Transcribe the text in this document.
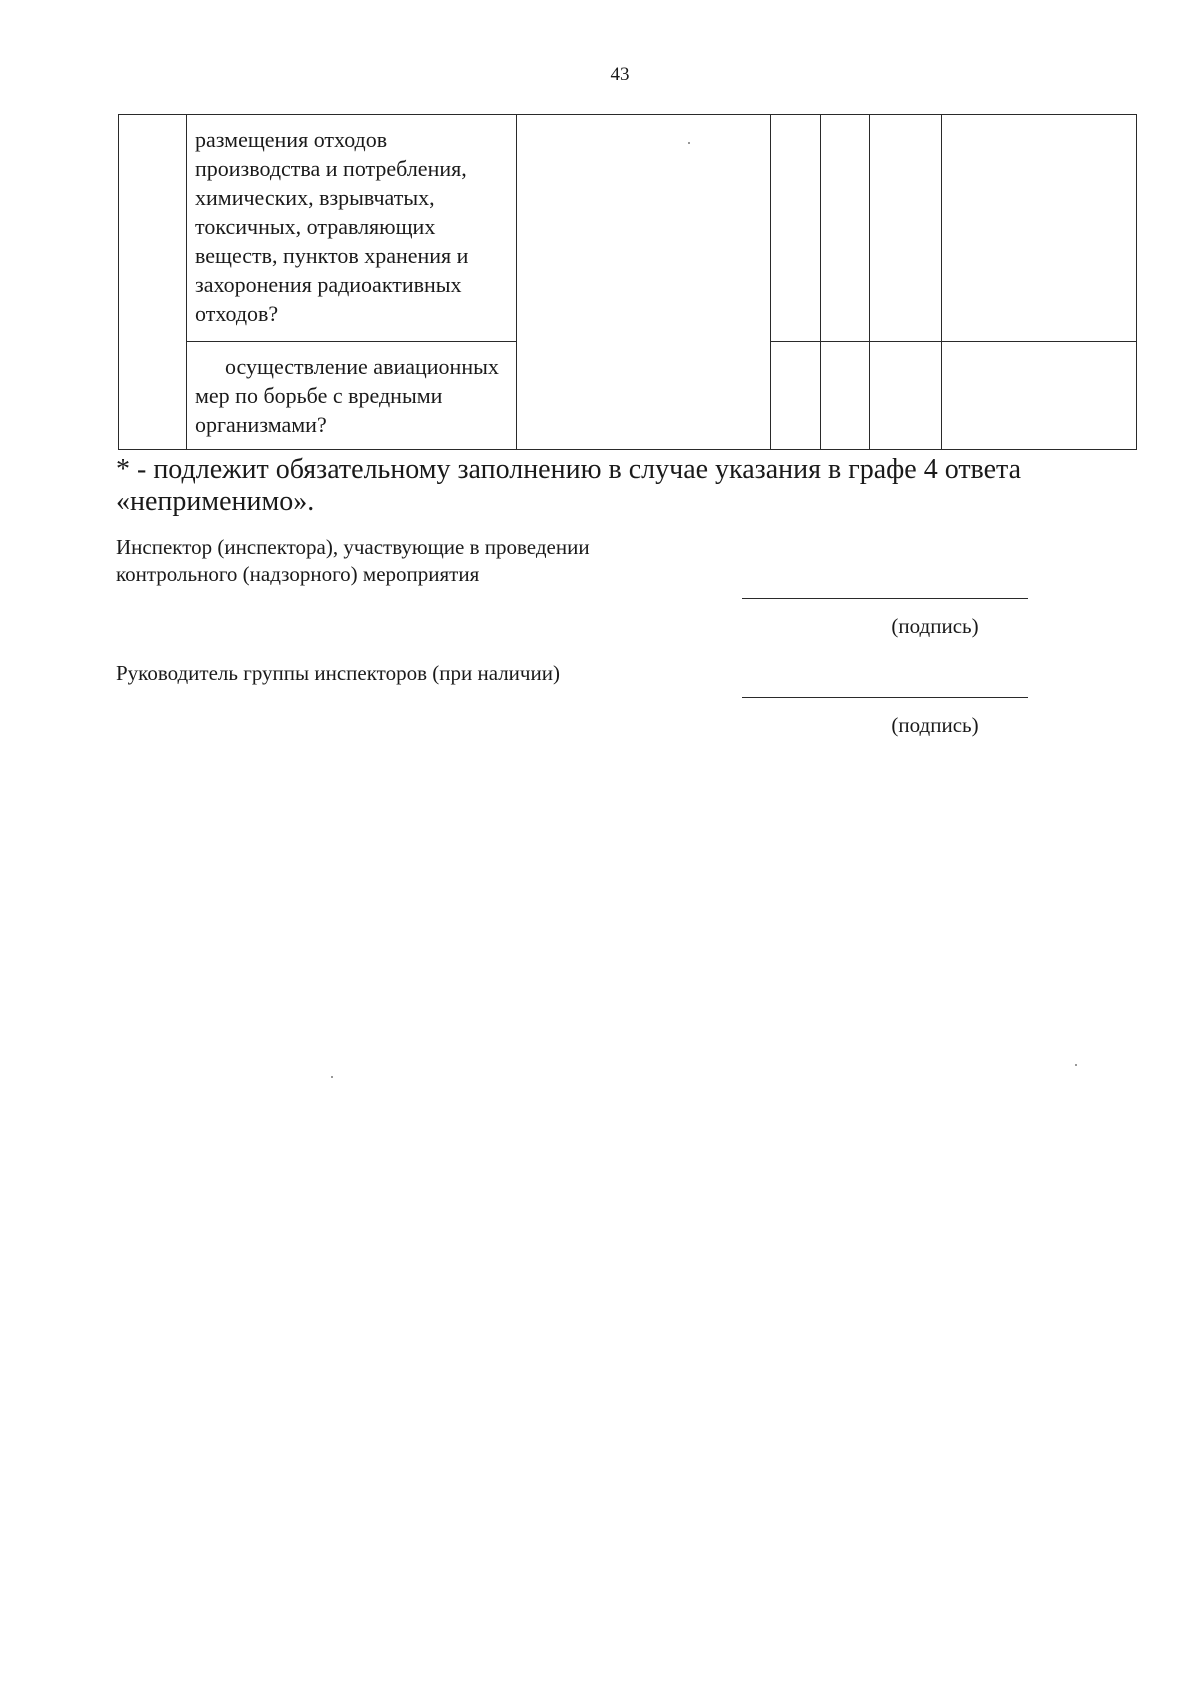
43
	размещения отходов производства и потребления, химических, взрывчатых, токсичных, отравляющих веществ, пунктов хранения и захоронения радиоактивных отходов?					
	осуществление авиационных мер по борьбе с вредными организмами?					
* - подлежит обязательному заполнению в случае указания в графе 4 ответа «неприменимо».
Инспектор (инспектора), участвующие в проведении контрольного (надзорного) мероприятия
(подпись)
Руководитель группы инспекторов (при наличии)
(подпись)
